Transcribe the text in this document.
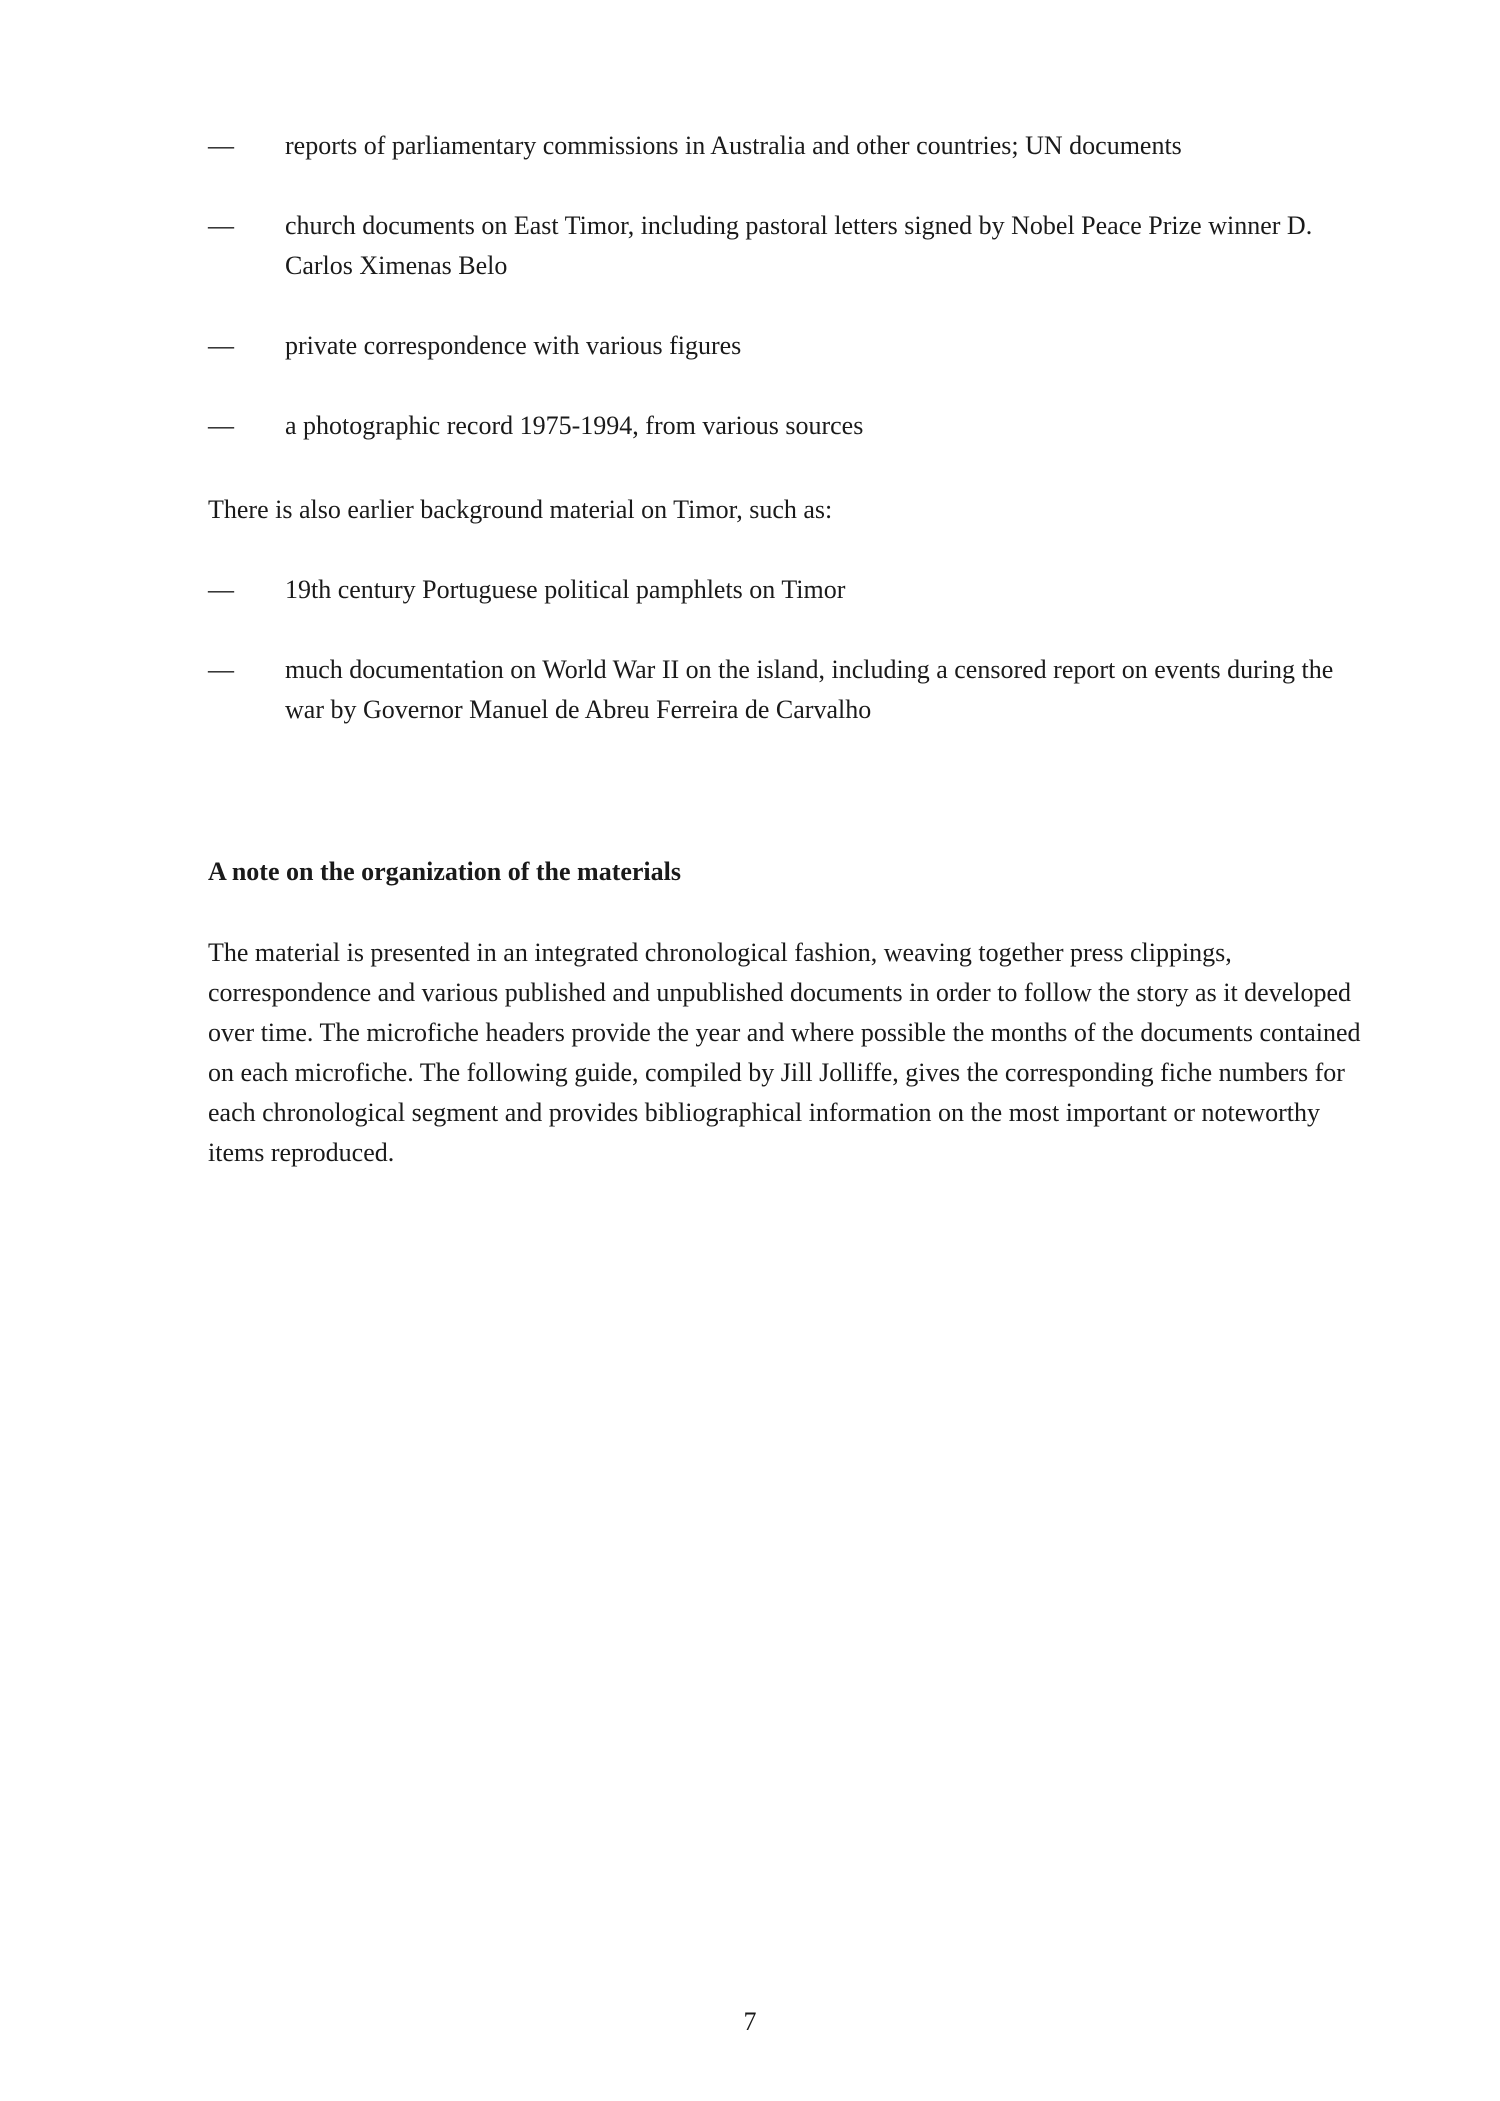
— reports of parliamentary commissions in Australia and other countries; UN documents
— church documents on East Timor, including pastoral letters signed by Nobel Peace Prize winner D. Carlos Ximenas Belo
— private correspondence with various figures
— a photographic record 1975-1994, from various sources

There is also earlier background material on Timor, such as:

— 19th century Portuguese political pamphlets on Timor
— much documentation on World War II on the island, including a censored report on events during the war by Governor Manuel de Abreu Ferreira de Carvalho
A note on the organization of the materials

The material is presented in an integrated chronological fashion, weaving together press clippings, correspondence and various published and unpublished documents in order to follow the story as it developed over time. The microfiche headers provide the year and where possible the months of the documents contained on each microfiche. The following guide, compiled by Jill Jolliffe, gives the corresponding fiche numbers for each chronological segment and provides bibliographical information on the most important or noteworthy items reproduced.

7
